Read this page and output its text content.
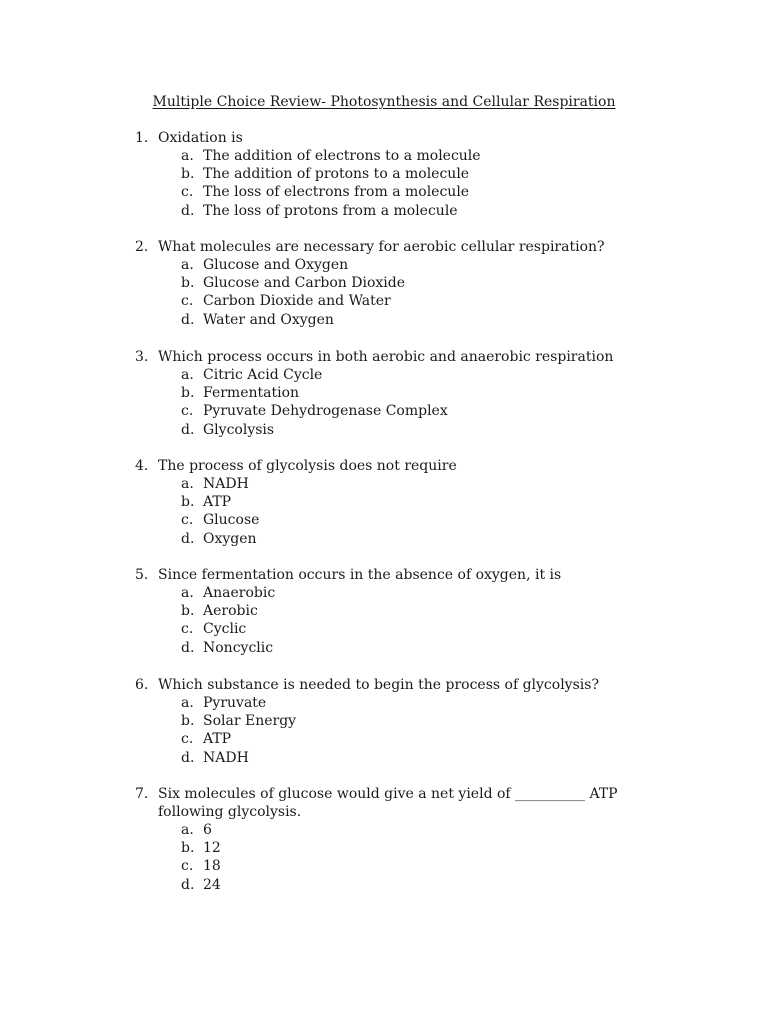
Multiple Choice Review- Photosynthesis and Cellular Respiration
1. Oxidation is
a. The addition of electrons to a molecule
b. The addition of protons to a molecule
c. The loss of electrons from a molecule
d. The loss of protons from a molecule
2. What molecules are necessary for aerobic cellular respiration?
a. Glucose and Oxygen
b. Glucose and Carbon Dioxide
c. Carbon Dioxide and Water
d. Water and Oxygen
3. Which process occurs in both aerobic and anaerobic respiration
a. Citric Acid Cycle
b. Fermentation
c. Pyruvate Dehydrogenase Complex
d. Glycolysis
4. The process of glycolysis does not require
a. NADH
b. ATP
c. Glucose
d. Oxygen
5. Since fermentation occurs in the absence of oxygen, it is
a. Anaerobic
b. Aerobic
c. Cyclic
d. Noncyclic
6. Which substance is needed to begin the process of glycolysis?
a. Pyruvate
b. Solar Energy
c. ATP
d. NADH
7. Six molecules of glucose would give a net yield of __________ ATP following glycolysis.
a. 6
b. 12
c. 18
d. 24
